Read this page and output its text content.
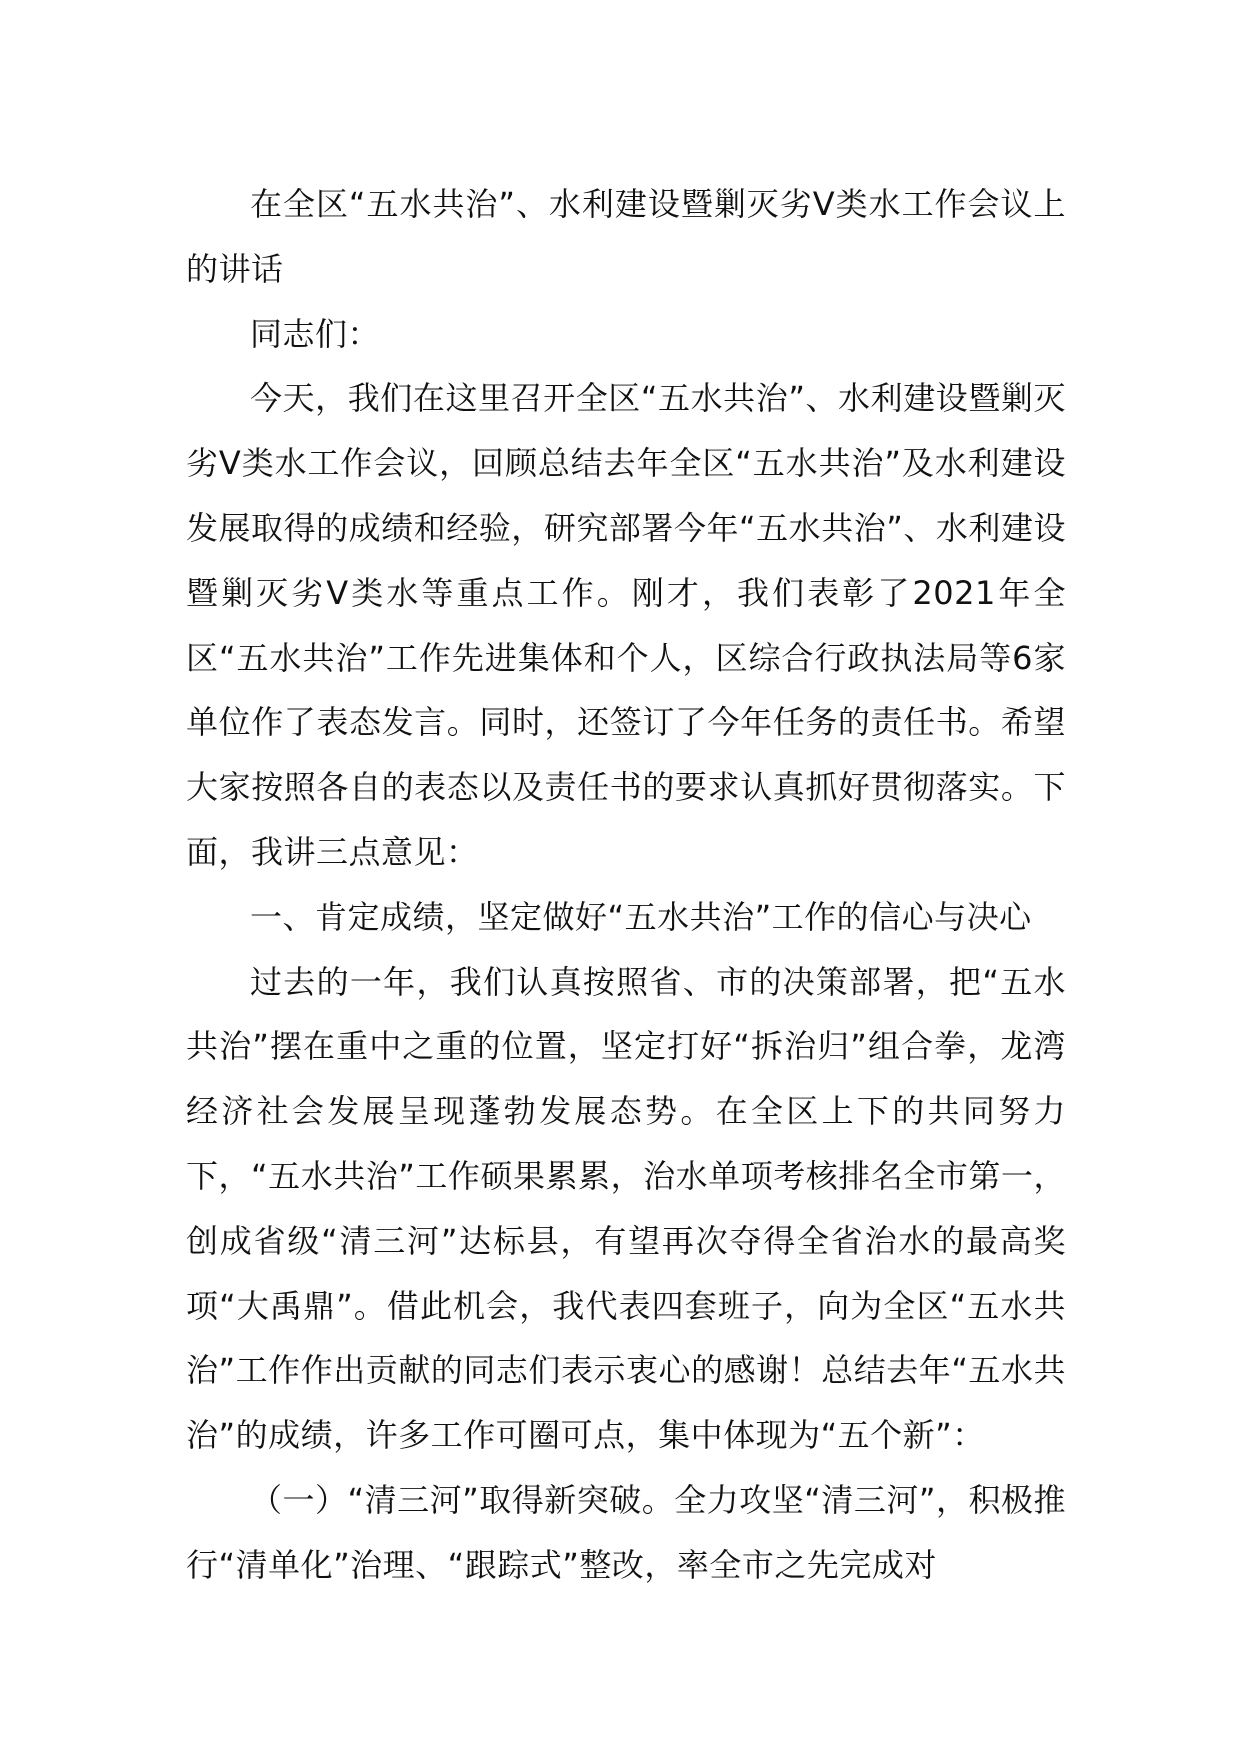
在全区“五水共治”、水利建设暨剿灭劣Ⅴ类水工作会议上的讲话

同志们：

今天，我们在这里召开全区“五水共治”、水利建设暨剿灭劣Ⅴ类水工作会议，回顾总结去年全区“五水共治”及水利建设发展取得的成绩和经验，研究部署今年“五水共治”、水利建设暨剿灭劣Ⅴ类水等重点工作。刚才，我们表彰了2021年全区“五水共治”工作先进集体和个人，区综合行政执法局等6家单位作了表态发言。同时，还签订了今年任务的责任书。希望大家按照各自的表态以及责任书的要求认真抓好贯彻落实。下面，我讲三点意见：

一、肯定成绩，坚定做好“五水共治”工作的信心与决心

过去的一年，我们认真按照省、市的决策部署，把“五水共治”摆在重中之重的位置，坚定打好“拆治归”组合拳，龙湾经济社会发展呈现蓬勃发展态势。在全区上下的共同努力下，“五水共治”工作硕果累累，治水单项考核排名全市第一，创成省级“清三河”达标县，有望再次夺得全省治水的最高奖项“大禹鼎”。借此机会，我代表四套班子，向为全区“五水共治”工作作出贡献的同志们表示衷心的感谢！总结去年“五水共治”的成绩，许多工作可圈可点，集中体现为“五个新”：

（一）“清三河”取得新突破。全力攻坚“清三河”，积极推行“清单化”治理、“跟踪式”整改，率全市之先完成对
